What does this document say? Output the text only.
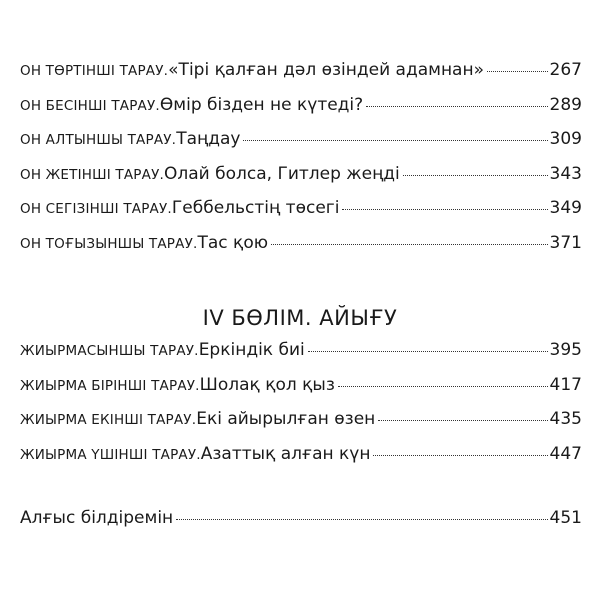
ОН ТӨРТІНШІ ТАРАУ. «Тірі қалған дәл өзіндей адамнан»	267
ОН БЕСІНШІ ТАРАУ. Өмір бізден не күтеді?	289
ОН АЛТЫНШЫ ТАРАУ. Таңдау	309
ОН ЖЕТІНШІ ТАРАУ. Олай болса, Гитлер жеңді	343
ОН СЕГІЗІНШІ ТАРАУ. Геббельстің төсегі	349
ОН ТОҒЫЗЫНШЫ ТАРАУ. Тас қою	371
IV БӨЛІМ. АЙЫҒУ
ЖИЫРМАСЫНШЫ ТАРАУ. Еркіндік биі	395
ЖИЫРМА БІРІНШІ ТАРАУ. Шолақ қол қыз	417
ЖИЫРМА ЕКІНШІ ТАРАУ. Екі айырылған өзен	435
ЖИЫРМА ҮШІНШІ ТАРАУ. Азаттық алған күн	447
Алғыс білдіремін	451
